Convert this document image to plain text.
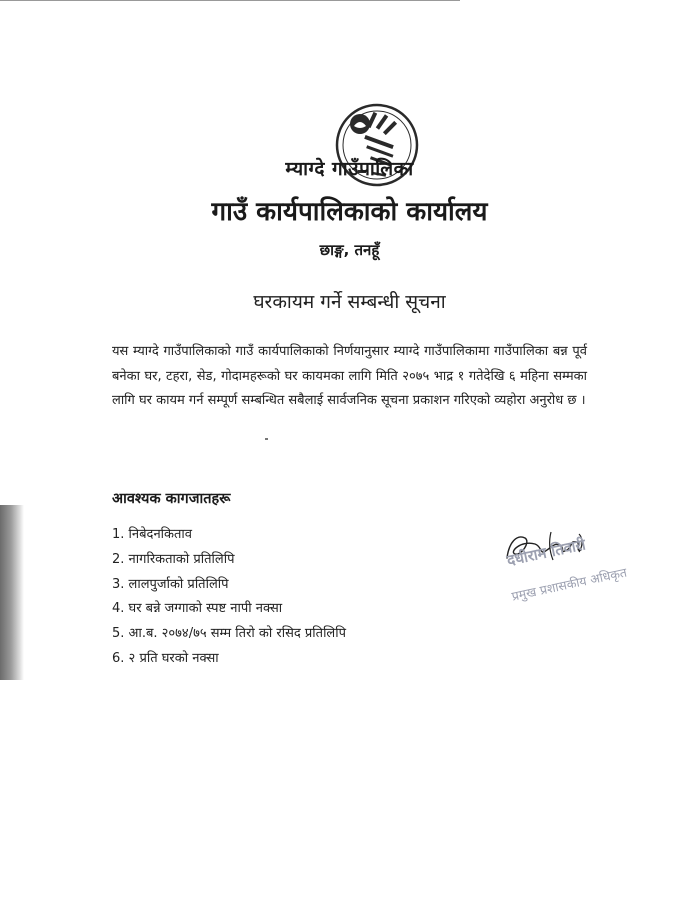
म्याग्दे गाउँपालिका
गाउँ कार्यपालिकाको कार्यालय
छाङ्ग, तनहूँ
घरकायम गर्ने सम्बन्धी सूचना
यस म्याग्दे गाउँपालिकाको गाउँ कार्यपालिकाको निर्णयानुसार म्याग्दे गाउँपालिकामा गाउँपालिका बन्न पूर्व बनेका घर, टहरा, सेड, गोदामहरूको घर कायमका लागि मिति २०७५ भाद्र १ गतेदेखि ६ महिना सम्मका लागि घर कायम गर्न सम्पूर्ण सम्बन्धित सबैलाई सार्वजनिक सूचना प्रकाशन गरिएको व्यहोरा अनुरोध छ ।
आवश्यक कागजातहरू
1. निबेदनकिताव
2. नागरिकताको प्रतिलिपि
3. लालपुर्जाको प्रतिलिपि
4. घर बन्ने जग्गाको स्पष्ट नापी नक्सा
5. आ.ब. २०७४/७५ सम्म तिरो को रसिद प्रतिलिपि
6. २ प्रति घरको नक्सा
दधीराम तिवारी
प्रमुख प्रशासकीय अधिकृत
